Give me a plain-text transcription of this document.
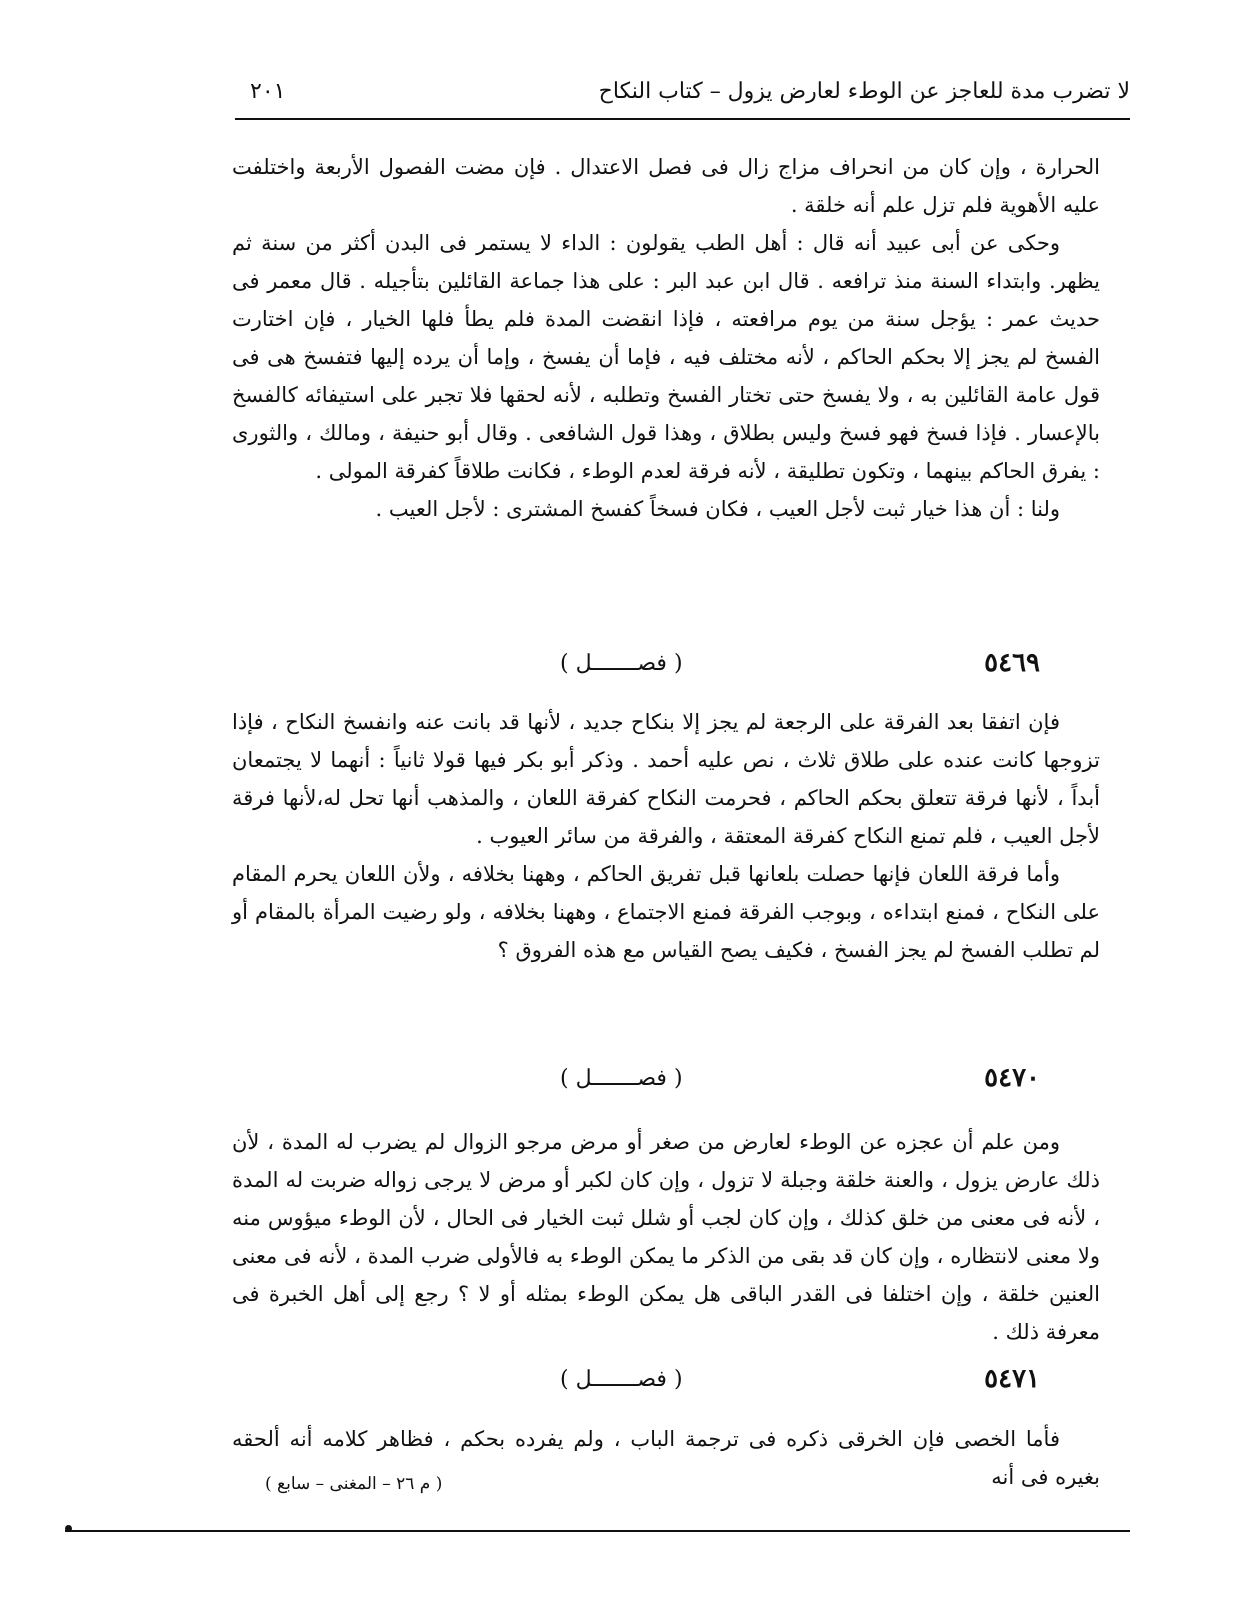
لا تضرب مدة للعاجز عن الوطء لعارض يزول – كتاب النكاح
٢٠١

الحرارة ، وإن كان من انحراف مزاج زال فى فصل الاعتدال . فإن مضت الفصول الأربعة واختلفت عليه الأهوية فلم تزل علم أنه خلقة .

وحكى عن أبى عبيد أنه قال : أهل الطب يقولون : الداء لا يستمر فى البدن أكثر من سنة ثم يظهر. وابتداء السنة منذ ترافعه . قال ابن عبد البر : على هذا جماعة القائلين بتأجيله . قال معمر فى حديث عمر : يؤجل سنة من يوم مرافعته ، فإذا انقضت المدة فلم يطأ فلها الخيار ، فإن اختارت الفسخ لم يجز إلا بحكم الحاكم ، لأنه مختلف فيه ، فإما أن يفسخ ، وإما أن يرده إليها فتفسخ هى فى قول عامة القائلين به ، ولا يفسخ حتى تختار الفسخ وتطلبه ، لأنه لحقها فلا تجبر على استيفائه كالفسخ بالإعسار . فإذا فسخ فهو فسخ وليس بطلاق ، وهذا قول الشافعى . وقال أبو حنيفة ، ومالك ، والثورى : يفرق الحاكم بينهما ، وتكون تطليقة ، لأنه فرقة لعدم الوطء ، فكانت طلاقاً كفرقة المولى .

ولنا : أن هذا خيار ثبت لأجل العيب ، فكان فسخاً كفسخ المشترى : لأجل العيب .

٥٤٦٩
( فصـــــــل )

فإن اتفقا بعد الفرقة على الرجعة لم يجز إلا بنكاح جديد ، لأنها قد بانت عنه وانفسخ النكاح ، فإذا تزوجها كانت عنده على طلاق ثلاث ، نص عليه أحمد . وذكر أبو بكر فيها قولا ثانياً : أنهما لا يجتمعان أبداً ، لأنها فرقة تتعلق بحكم الحاكم ، فحرمت النكاح كفرقة اللعان ، والمذهب أنها تحل له،لأنها فرقة لأجل العيب ، فلم تمنع النكاح كفرقة المعتقة ، والفرقة من سائر العيوب .

وأما فرقة اللعان فإنها حصلت بلعانها قبل تفريق الحاكم ، وههنا بخلافه ، ولأن اللعان يحرم المقام على النكاح ، فمنع ابتداءه ، وبوجب الفرقة فمنع الاجتماع ، وههنا بخلافه ، ولو رضيت المرأة بالمقام أو لم تطلب الفسخ لم يجز الفسخ ، فكيف يصح القياس مع هذه الفروق ؟

٥٤٧٠
( فصـــــــل )

ومن علم أن عجزه عن الوطء لعارض من صغر أو مرض مرجو الزوال لم يضرب له المدة ، لأن ذلك عارض يزول ، والعنة خلقة وجبلة لا تزول ، وإن كان لكبر أو مرض لا يرجى زواله ضربت له المدة ، لأنه فى معنى من خلق كذلك ، وإن كان لجب أو شلل ثبت الخيار فى الحال ، لأن الوطء ميؤوس منه ولا معنى لانتظاره ، وإن كان قد بقى من الذكر ما يمكن الوطء به فالأولى ضرب المدة ، لأنه فى معنى العنين خلقة ، وإن اختلفا فى القدر الباقى هل يمكن الوطء بمثله أو لا ؟ رجع إلى أهل الخبرة فى معرفة ذلك .

٥٤٧١
( فصـــــــل )

فأما الخصى فإن الخرقى ذكره فى ترجمة الباب ، ولم يفرده بحكم ، فظاهر كلامه أنه ألحقه بغيره فى أنه

( م ٢٦ – المغنى – سابع )
